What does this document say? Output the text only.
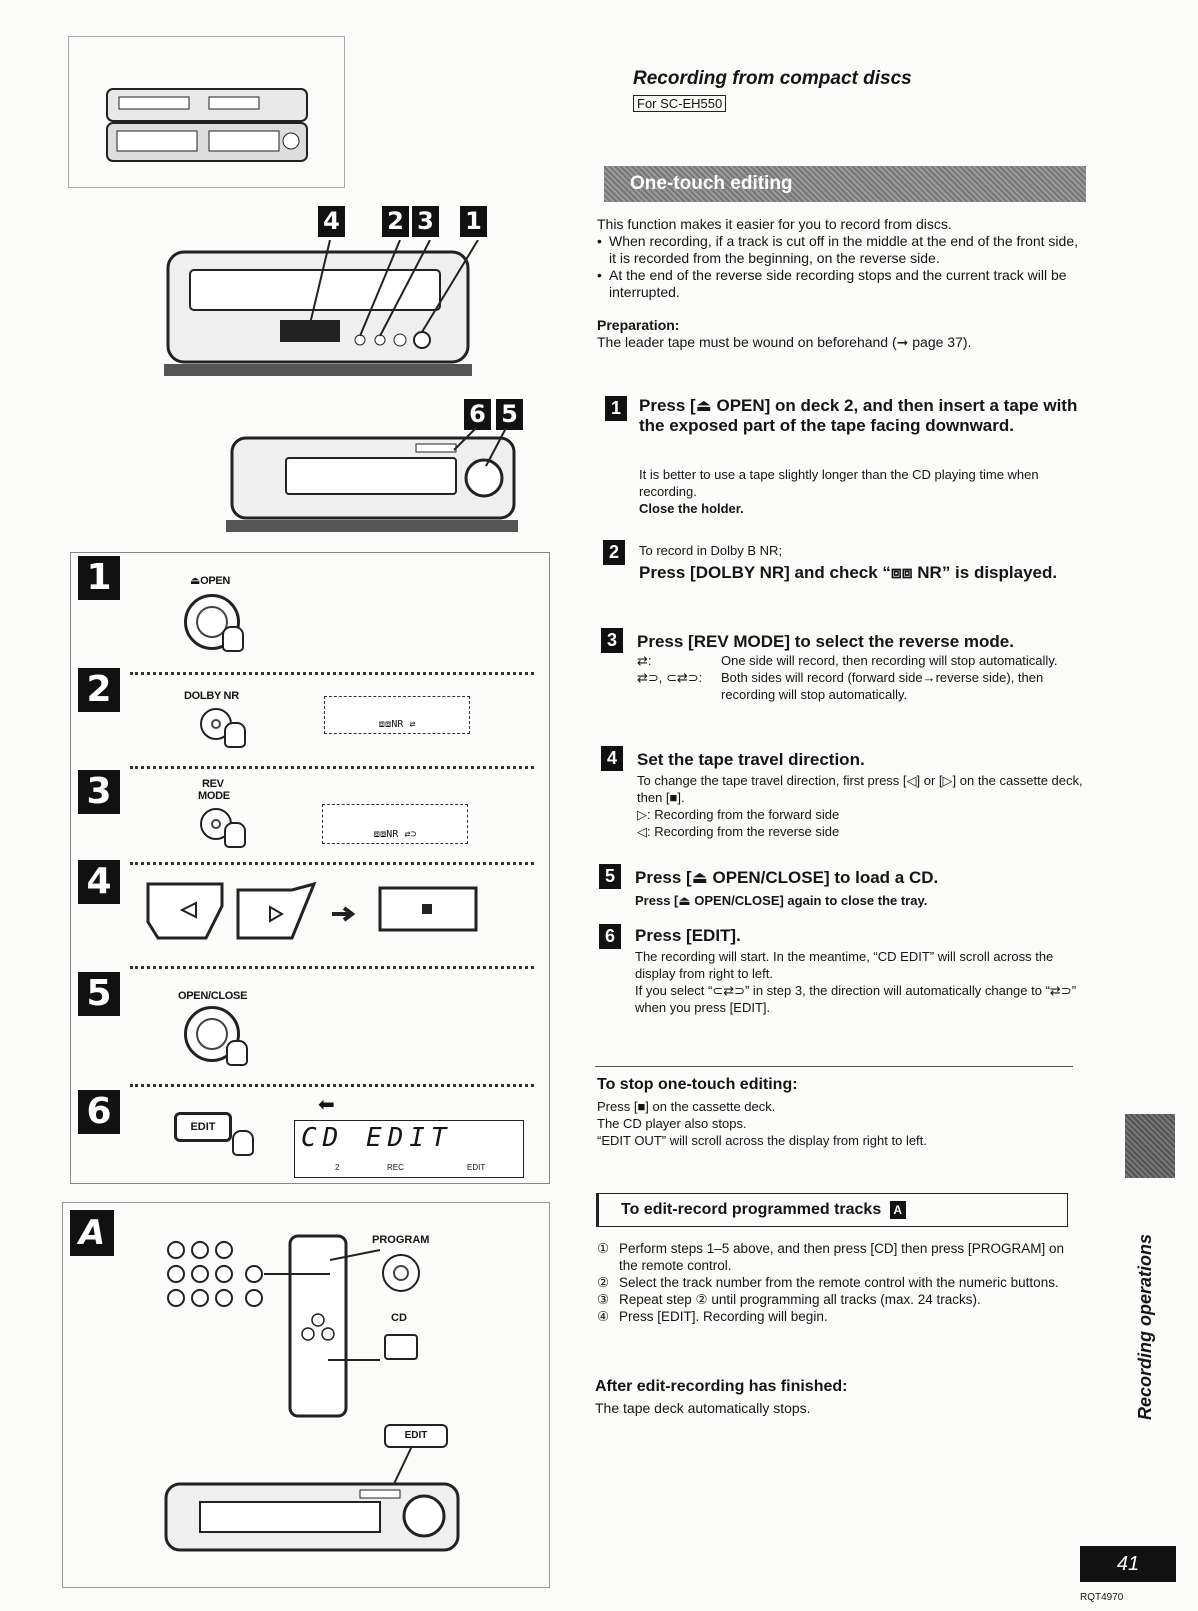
4 2 3 1
6 5
1	⏏OPEN
2	DOLBY NR
⧈⧈NR ⇄
3	REV
MODE
⧈⧈NR ⇄⊃
4
5	OPEN/CLOSE
6	EDIT
⬅
CD EDIT
2	REC	EDIT
A	PROGRAM
CD
EDIT
Recording from compact discs
For SC-EH550
One-touch editing
This function makes it easier for you to record from discs.
• When recording, if a track is cut off in the middle at the end of the front side, it is recorded from the beginning, on the reverse side.
• At the end of the reverse side recording stops and the current track will be interrupted.
Preparation:
The leader tape must be wound on beforehand (➞ page 37).
1	Press [⏏ OPEN] on deck 2, and then insert a tape with the exposed part of the tape facing downward.
It is better to use a tape slightly longer than the CD playing time when recording.
Close the holder.
2	To record in Dolby B NR;
Press [DOLBY NR] and check “⧈⧈ NR” is displayed.
3	Press [REV MODE] to select the reverse mode.
⇄:	One side will record, then recording will stop automatically.
⇄⊃, ⊂⇄⊃:	Both sides will record (forward side→reverse side), then recording will stop automatically.
4	Set the tape travel direction.
To change the tape travel direction, first press [◁] or [▷] on the cassette deck, then [■].
▷: Recording from the forward side
◁: Recording from the reverse side
5	Press [⏏ OPEN/CLOSE] to load a CD.
Press [⏏ OPEN/CLOSE] again to close the tray.
6	Press [EDIT].
The recording will start. In the meantime, “CD EDIT” will scroll across the display from right to left.
If you select “⊂⇄⊃” in step 3, the direction will automatically change to “⇄⊃” when you press [EDIT].
To stop one-touch editing:
Press [■] on the cassette deck.
The CD player also stops.
“EDIT OUT” will scroll across the display from right to left.
To edit-record programmed tracks A
① Perform steps 1–5 above, and then press [CD] then press [PROGRAM] on the remote control.
② Select the track number from the remote control with the numeric buttons.
③ Repeat step ② until programming all tracks (max. 24 tracks).
④ Press [EDIT]. Recording will begin.
After edit-recording has finished:
The tape deck automatically stops.	Recording operations
41
RQT4970
